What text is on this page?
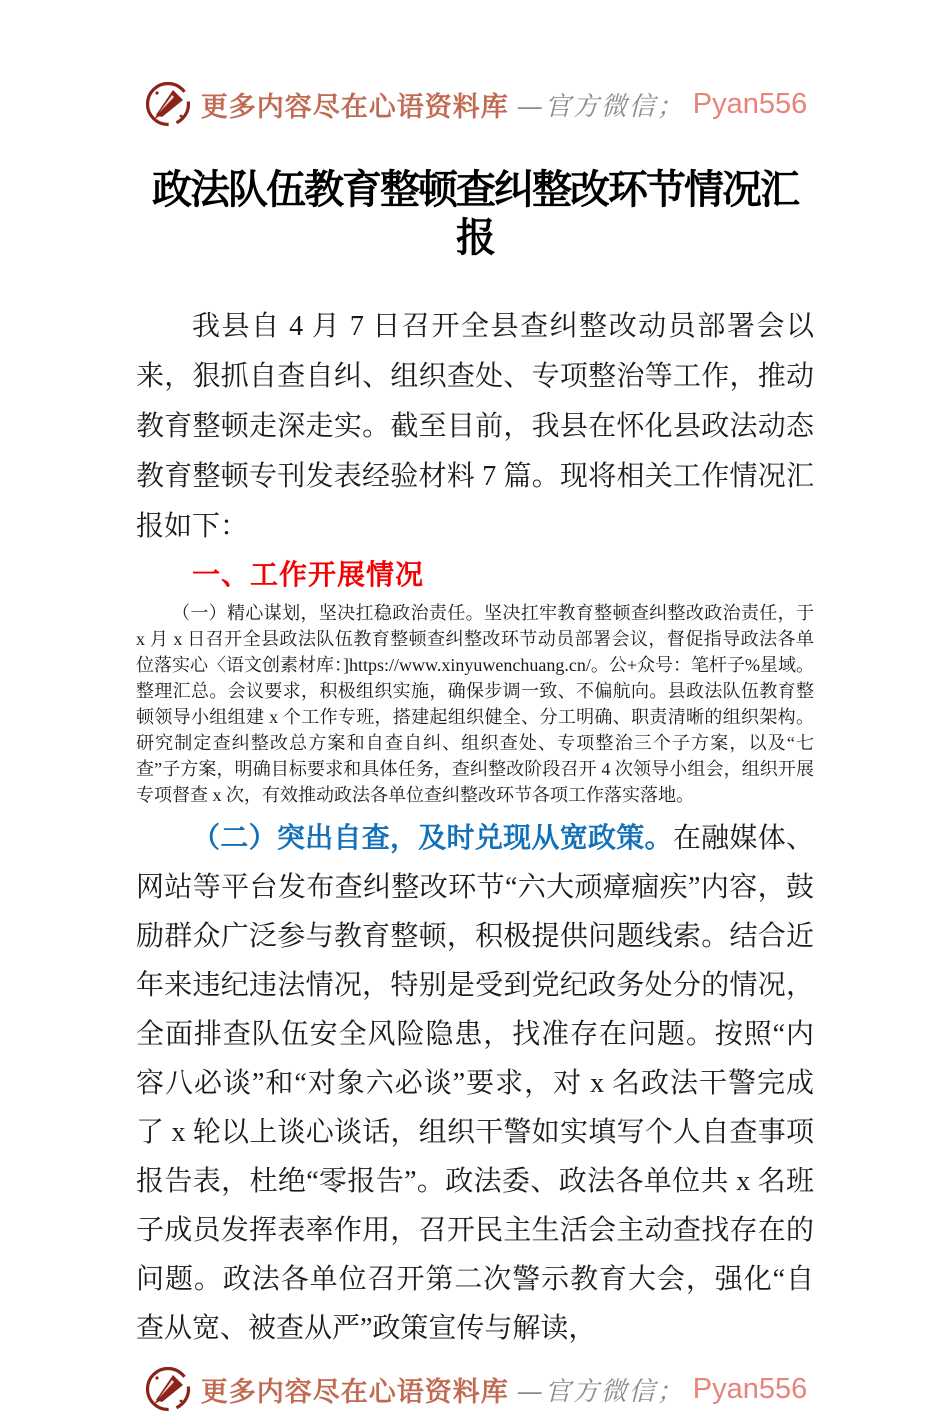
更多内容尽在心语资料库 —官方微信； Pyan556
政法队伍教育整顿查纠整改环节情况汇报

我县自 4 月 7 日召开全县查纠整改动员部署会以来，狠抓自查自纠、组织查处、专项整治等工作，推动教育整顿走深走实。截至目前，我县在怀化县政法动态教育整顿专刊发表经验材料 7 篇。现将相关工作情况汇报如下：

一、工作开展情况

（一）精心谋划，坚决扛稳政治责任。坚决扛牢教育整顿查纠整改政治责任，于 x 月 x 日召开全县政法队伍教育整顿查纠整改环节动员部署会议，督促指导政法各单位落实心〈语文创素材库：]https://www.xinyuwenchuang.cn/。公+众号：笔杆子%星域。整理汇总。会议要求，积极组织实施，确保步调一致、不偏航向。县政法队伍教育整顿领导小组组建 x 个工作专班，搭建起组织健全、分工明确、职责清晰的组织架构。研究制定查纠整改总方案和自查自纠、组织查处、专项整治三个子方案，以及“七查”子方案，明确目标要求和具体任务，查纠整改阶段召开 4 次领导小组会，组织开展专项督查 x 次，有效推动政法各单位查纠整改环节各项工作落实落地。

（二）突出自查，及时兑现从宽政策。在融媒体、网站等平台发布查纠整改环节“六大顽瘴痼疾”内容，鼓励群众广泛参与教育整顿，积极提供问题线索。结合近年来违纪违法情况，特别是受到党纪政务处分的情况，全面排查队伍安全风险隐患，找准存在问题。按照“内容八必谈”和“对象六必谈”要求，对 x 名政法干警完成了 x 轮以上谈心谈话，组织干警如实填写个人自查事项报告表，杜绝“零报告”。政法委、政法各单位共 x 名班子成员发挥表率作用，召开民主生活会主动查找存在的问题。政法各单位召开第二次警示教育大会，强化“自查从宽、被查从严”政策宣传与解读，

更多内容尽在心语资料库 —官方微信； Pyan556
